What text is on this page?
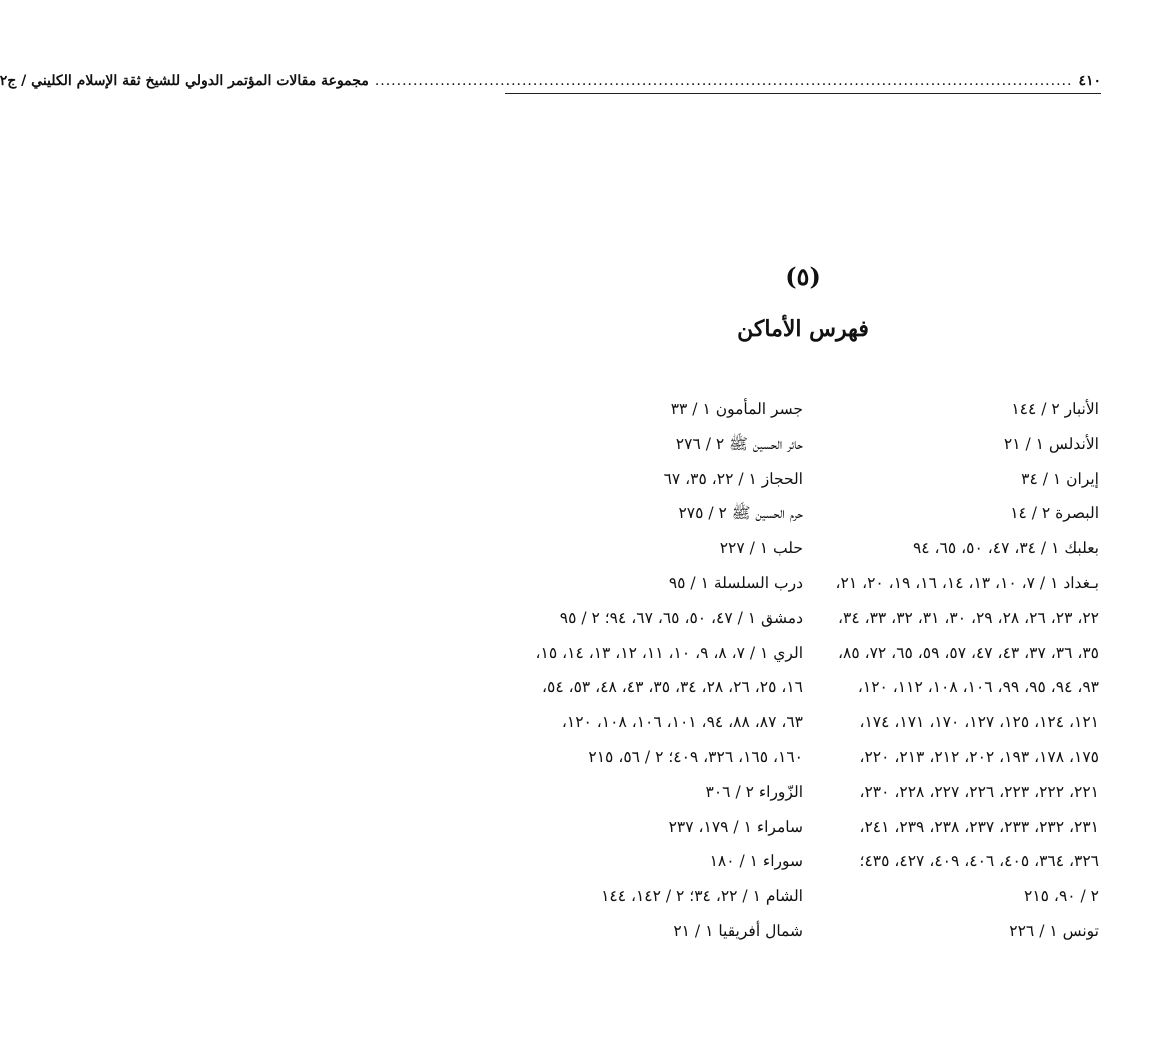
٤١٠
................................................................................................................................
مجموعة مقالات المؤتمر الدولي للشيخ ثقة الإسلام الكليني / ج٢
(٥)
فهرس الأماكن
الأنبار ٢ / ١٤٤
الأندلس ١ / ٢١
إيران ١ / ٣٤
البصرة ٢ / ١٤
بعلبك ١ / ٣٤، ٤٧، ٥٠، ٦٥، ٩٤
بـغداد ١ / ٧، ١٠، ١٣، ١٤، ١٦، ١٩، ٢٠، ٢١،
٢٢، ٢٣، ٢٦، ٢٨، ٢٩، ٣٠، ٣١، ٣٢، ٣٣، ٣٤،
٣٥، ٣٦، ٣٧، ٤٣، ٤٧، ٥٧، ٥٩، ٦٥، ٧٢، ٨٥،
٩٣، ٩٤، ٩٥، ٩٩، ١٠٦، ١٠٨، ١١٢، ١٢٠،
١٢١، ١٢٤، ١٢٥، ١٢٧، ١٧٠، ١٧١، ١٧٤،
١٧٥، ١٧٨، ١٩٣، ٢٠٢، ٢١٢، ٢١٣، ٢٢٠،
٢٢١، ٢٢٢، ٢٢٣، ٢٢٦، ٢٢٧، ٢٢٨، ٢٣٠،
٢٣١، ٢٣٢، ٢٣٣، ٢٣٧، ٢٣٨، ٢٣٩، ٢٤١،
٣٢٦، ٣٦٤، ٤٠٥، ٤٠٦، ٤٠٩، ٤٢٧، ٤٣٥؛
٢ / ٩٠، ٢١٥
تونس ١ / ٢٢٦
جسر المأمون ١ / ٣٣
حائر الحسين ﷺ ٢ / ٢٧٦
الحجاز ١ / ٢٢، ٣٥، ٦٧
حرم الحسين ﷺ ٢ / ٢٧٥
حلب ١ / ٢٢٧
درب السلسلة ١ / ٩٥
دمشق ١ / ٤٧، ٥٠، ٦٥، ٦٧، ٩٤؛ ٢ / ٩٥
الري ١ / ٧، ٨، ٩، ١٠، ١١، ١٢، ١٣، ١٤، ١٥،
١٦، ٢٥، ٢٦، ٢٨، ٣٤، ٣٥، ٤٣، ٤٨، ٥٣، ٥٤،
٦٣، ٨٧، ٨٨، ٩٤، ١٠١، ١٠٦، ١٠٨، ١٢٠،
١٦٠، ١٦٥، ٣٢٦، ٤٠٩؛ ٢ / ٥٦، ٢١٥
الزّوراء ٢ / ٣٠٦
سامراء ١ / ١٧٩، ٢٣٧
سوراء ١ / ١٨٠
الشام ١ / ٢٢، ٣٤؛ ٢ / ١٤٢، ١٤٤
شمال أفريقيا ١ / ٢١
